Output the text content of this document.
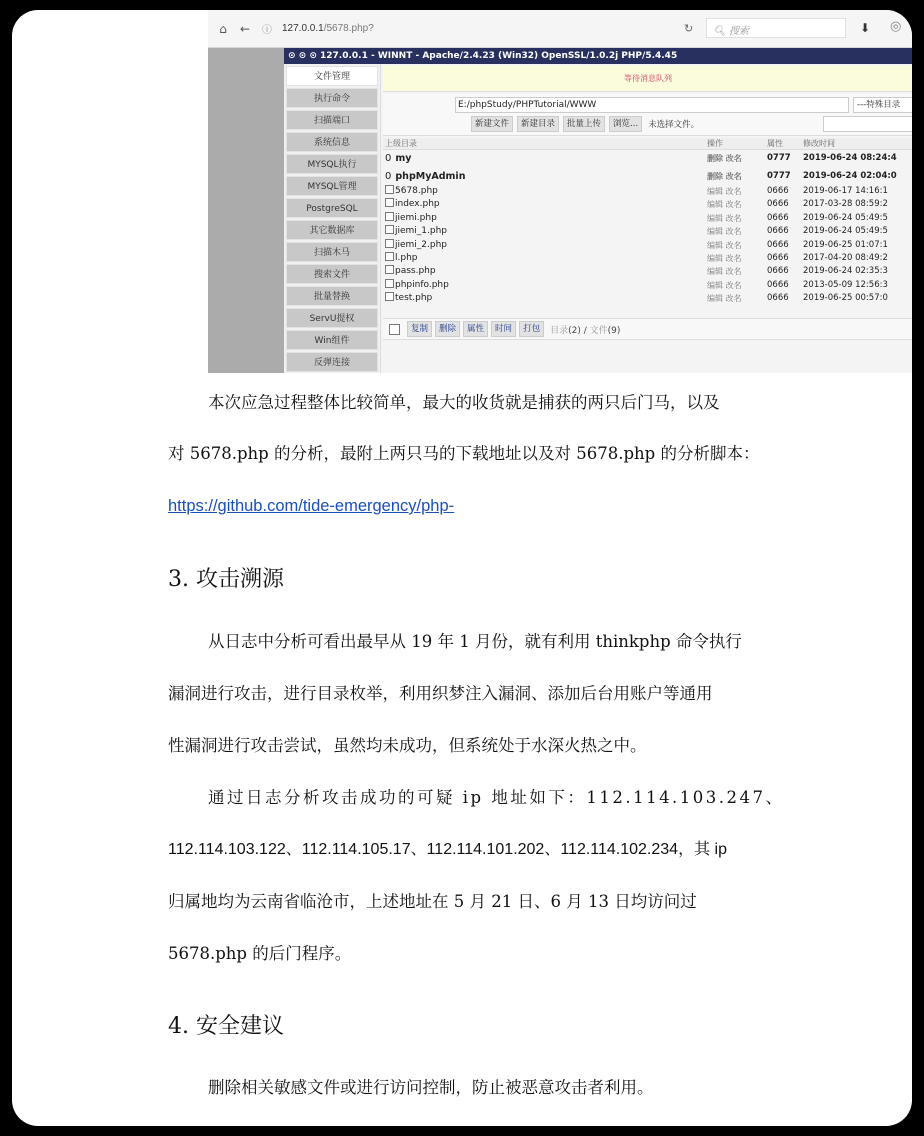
⌂ ← ⓘ 127.0.0.1/5678.php?	↻	🔍︎ 搜索	⬇ ◎
⊙ ⊙ ⊙ 127.0.0.1 - WINNT - Apache/2.4.23 (Win32) OpenSSL/1.0.2j PHP/5.4.45
文件管理
执行命令
扫描端口
系统信息
MYSQL执行
MYSQL管理
PostgreSQL
其它数据库
扫描木马
搜索文件
批量替换
ServU提权
Win组件
反弹连接
等待消息队列
E:/phpStudy/PHPTutorial/WWW	---特殊目录
新建文件	新建目录	批量上传	浏览...	未选择文件。
上级目录	操作	属性	修改时间
0 my	删除 改名	0777	2019-06-24 08:24:4
0 phpMyAdmin	删除 改名	0777	2019-06-24 02:04:0
5678.php	编辑 改名	0666	2019-06-17 14:16:1
index.php	编辑 改名	0666	2017-03-28 08:59:2
jiemi.php	编辑 改名	0666	2019-06-24 05:49:5
jiemi_1.php	编辑 改名	0666	2019-06-24 05:49:5
jiemi_2.php	编辑 改名	0666	2019-06-25 01:07:1
l.php	编辑 改名	0666	2017-04-20 08:49:2
pass.php	编辑 改名	0666	2019-06-24 02:35:3
phpinfo.php	编辑 改名	0666	2013-05-09 12:56:3
test.php	编辑 改名	0666	2019-06-25 00:57:0
复制	删除	属性	时间	打包	目录(2) / 文件(9)
本次应急过程整体比较简单，最大的收货就是捕获的两只后门马，以及
对 5678.php 的分析，最附上两只马的下载地址以及对 5678.php 的分析脚本：
https://github.com/tide-emergency/php-
3. 攻击溯源
从日志中分析可看出最早从 19 年 1 月份，就有利用 thinkphp 命令执行
漏洞进行攻击，进行目录枚举，利用织梦注入漏洞、添加后台用账户等通用
性漏洞进行攻击尝试，虽然均未成功，但系统处于水深火热之中。
通过日志分析攻击成功的可疑 ip 地址如下：112.114.103.247、
112.114.103.122、112.114.105.17、112.114.101.202、112.114.102.234，其 ip
归属地均为云南省临沧市，上述地址在 5 月 21 日、6 月 13 日均访问过
5678.php 的后门程序。
4. 安全建议
删除相关敏感文件或进行访问控制，防止被恶意攻击者利用。
